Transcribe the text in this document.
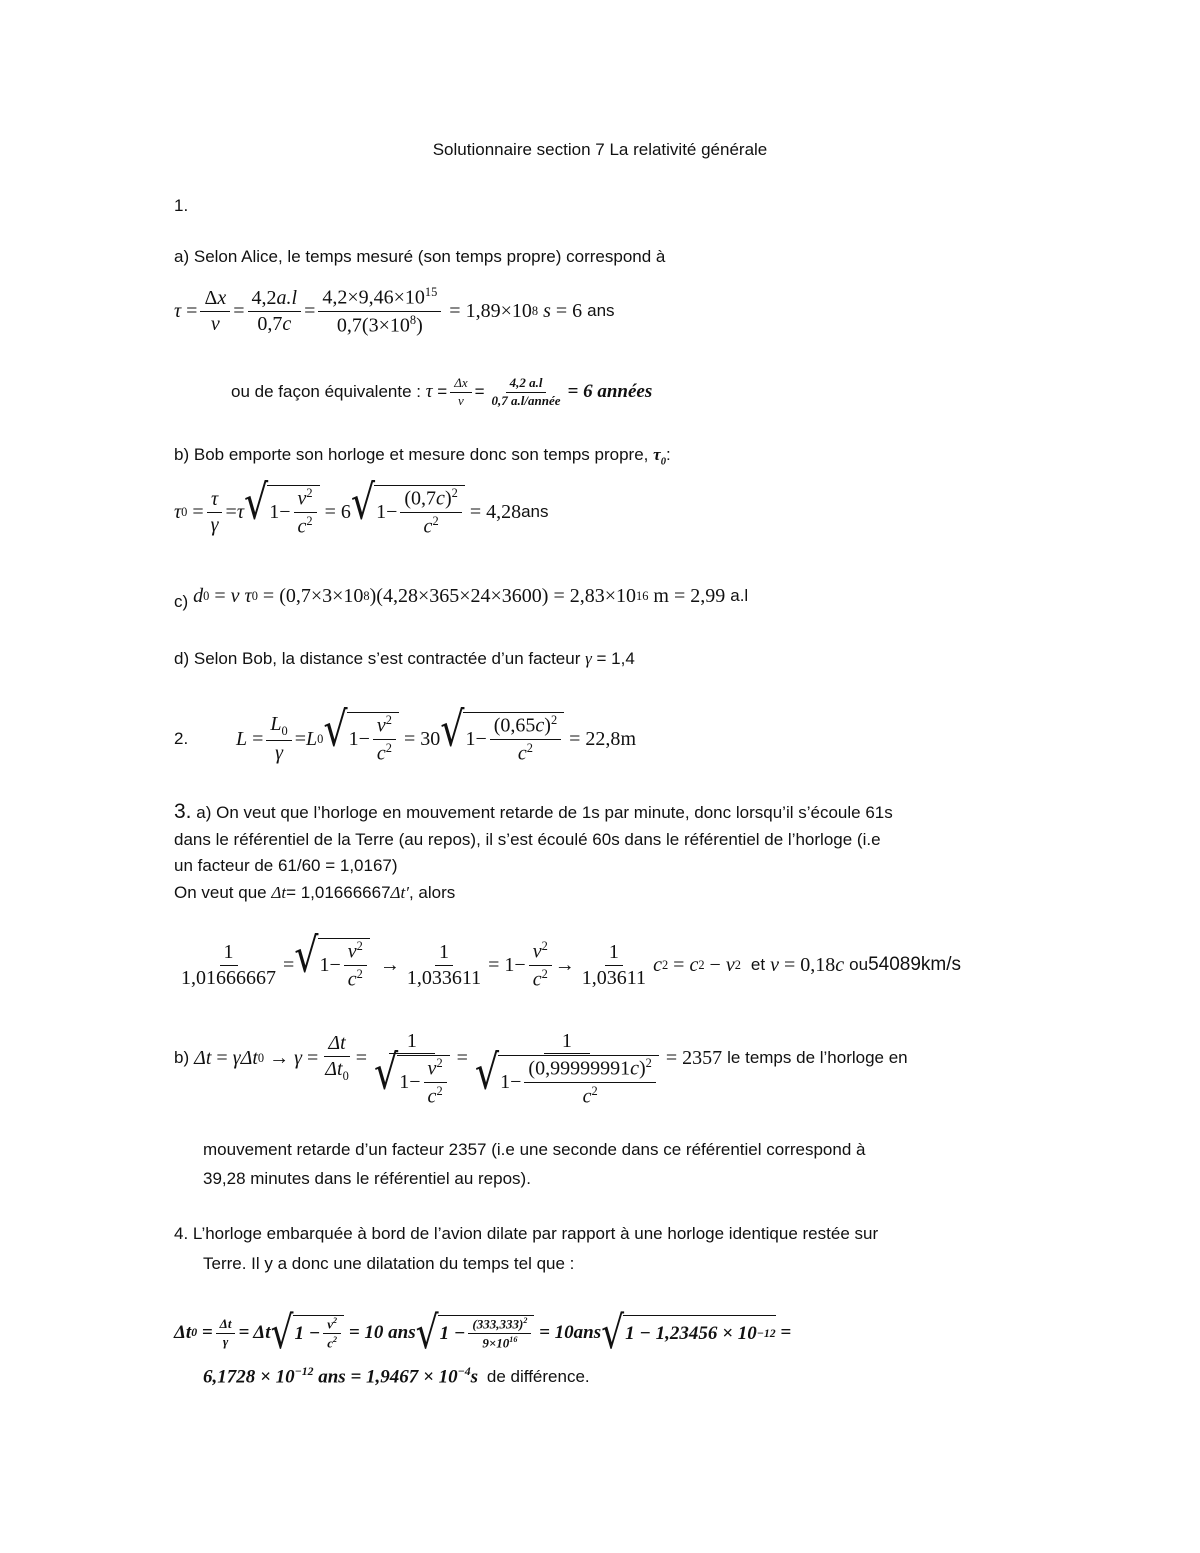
Solutionnaire section 7 La relativité générale
1.
a) Selon Alice, le temps mesuré (son temps propre) correspond à
$\tau = \frac{\Delta x}{v} = \frac{4,2a.l}{0,7c} = \frac{4,2\times 9,46\times 10^{15}}{0,7(3\times 10^8)} = 1,89\times 10$ 8
s = 6 ans
ou de façon équivalente :
$\tau = \frac{\Delta x}{v} = \frac{4,2 a.l}{\text{0,7 a.l/année}} = 6$ années
b) Bob emporte son horloge et mesure donc son temps propre, $\tau_0$:
τ $0 = \frac{\tau}{\gamma} = \tau$ √ $1- \frac{v^2}{c^2} = 6$ √ $1- \frac{(0,7c)^2}{c^2} = 4,28$ ans
c)
d 0 = v
τ 0 = (0,7×3×10 8 )(4,28×365×24×3600) = 2,83×10 16 m = 2,99 a.l
d) Selon Bob, la distance s’est contractée d’un facteur γ = 1,4
2.	$L = \frac{L_0}{\gamma} = L$ 0 √ $1- \frac{v^2}{c^2} = 30$ √ $1- \frac{(0,65c)^2}{c^2} = 22,8$ m
3. a) On veut que l’horloge en mouvement retarde de 1s par minute, donc lorsqu’il s’écoule 61s
dans le référentiel de la Terre (au repos), il s’est écoulé 60s dans le référentiel de l’horloge (i.e
un facteur de 61/60 = 1,0167)
On veut que Δt= 1,01666667Δt′, alors
$\frac{1}{1,01666667}$ = √ $1- \frac{v^2}{c^2} \to \frac{1}{1,033611} = 1- \frac{v^2}{c^2} \to \frac{1}{1,03611}$ c 2 = c 2 − v 2
et
v = 0,18 c
ou 54089km/s
b)
Δt = γ Δt $0 \to \gamma = \frac{\Delta t}{\Delta t_0} = \frac{1}{√ 1- \frac{v^2}{c^2}} = \frac{1}{√ 1- \frac{(0,99999991c)^2}{c^2}} = 2357$ le temps de l’horloge en
mouvement retarde d’un facteur 2357 (i.e une seconde dans ce référentiel correspond à
39,28 minutes dans le référentiel au repos).
4. L’horloge embarquée à bord de l’avion dilate par rapport à une horloge identique restée sur
Terre. Il y a donc une dilatation du temps tel que :
Δt $0 = \frac{\Delta t}{\gamma} = \Delta t$ √ $1 - \frac{v^2}{c^2} = 10$ ans √ $1 - \frac{(333,333)^2}{9\times 10^{16}} = 10ans$ √ 1 − 1,23456 × 10 −12 =
$6,1728 \times 10^{-12}$ ans = $1,9467 \times 10^{-4}s$
de différence.
